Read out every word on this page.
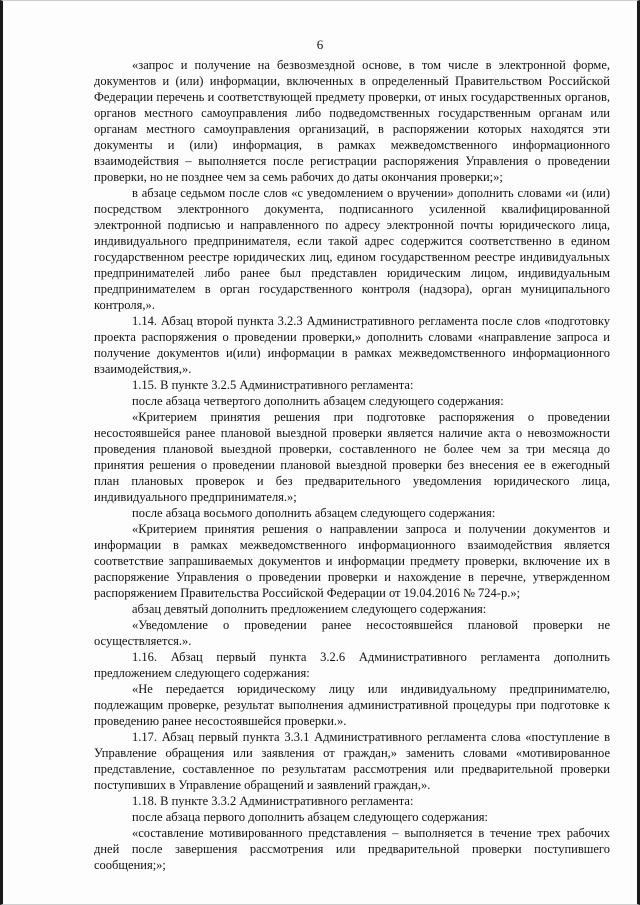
6

«запрос и получение на безвозмездной основе, в том числе в электронной форме, документов и (или) информации, включенных в определенный Правительством Российской Федерации перечень и соответствующей предмету проверки, от иных государственных органов, органов местного самоуправления либо подведомственных государственным органам или органам местного самоуправления организаций, в распоряжении которых находятся эти документы и (или) информация, в рамках межведомственного информационного взаимодействия – выполняется после регистрации распоряжения Управления о проведении проверки, но не позднее чем за семь рабочих до даты окончания проверки;»;

в абзаце седьмом после слов «с уведомлением о вручении» дополнить словами «и (или) посредством электронного документа, подписанного усиленной квалифицированной электронной подписью и направленного по адресу электронной почты юридического лица, индивидуального предпринимателя, если такой адрес содержится соответственно в едином государственном реестре юридических лиц, едином государственном реестре индивидуальных предпринимателей либо ранее был представлен юридическим лицом, индивидуальным предпринимателем в орган государственного контроля (надзора), орган муниципального контроля,».

1.14. Абзац второй пункта 3.2.3 Административного регламента после слов «подготовку проекта распоряжения о проведении проверки,» дополнить словами «направление запроса и получение документов и(или) информации в рамках межведомственного информационного взаимодействия,».

1.15. В пункте 3.2.5 Административного регламента:

после абзаца четвертого дополнить абзацем следующего содержания:

«Критерием принятия решения при подготовке распоряжения о проведении несостоявшейся ранее плановой выездной проверки является наличие акта о невозможности проведения плановой выездной проверки, составленного не более чем за три месяца до принятия решения о проведении плановой выездной проверки без внесения ее в ежегодный план плановых проверок и без предварительного уведомления юридического лица, индивидуального предпринимателя.»;

после абзаца восьмого дополнить абзацем следующего содержания:

«Критерием принятия решения о направлении запроса и получении документов и информации в рамках межведомственного информационного взаимодействия является соответствие запрашиваемых документов и информации предмету проверки, включение их в распоряжение Управления о проведении проверки и нахождение в перечне, утвержденном распоряжением Правительства Российской Федерации от 19.04.2016 № 724-р.»;

абзац девятый дополнить предложением следующего содержания:

«Уведомление о проведении ранее несостоявшейся плановой проверки не осуществляется.».

1.16. Абзац первый пункта 3.2.6 Административного регламента дополнить предложением следующего содержания:

«Не передается юридическому лицу или индивидуальному предпринимателю, подлежащим проверке, результат выполнения административной процедуры при подготовке к проведению ранее несостоявшейся проверки.».

1.17. Абзац первый пункта 3.3.1 Административного регламента слова «поступление в Управление обращения или заявления от граждан,» заменить словами «мотивированное представление, составленное по результатам рассмотрения или предварительной проверки поступивших в Управление обращений и заявлений граждан,».

1.18. В пункте 3.3.2 Административного регламента:

после абзаца первого дополнить абзацем следующего содержания:

«составление мотивированного представления – выполняется в течение трех рабочих дней после завершения рассмотрения или предварительной проверки поступившего сообщения;»;
